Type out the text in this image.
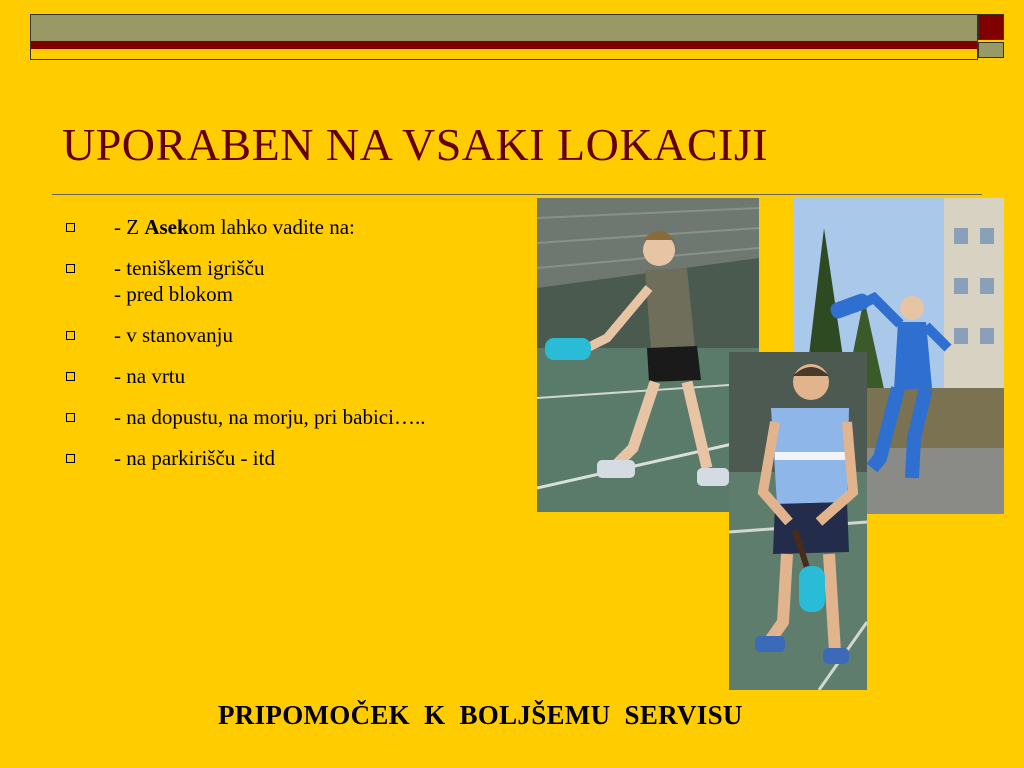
UPORABEN NA VSAKI LOKACIJI
- Z Asekom lahko vadite na:
- teniškem igrišču
- pred blokom
- v stanovanju
- na vrtu
- na dopustu, na morju, pri babici…..
- na parkirišču - itd
PRIPOMOČEK  K  BOLJŠEMU  SERVISU
